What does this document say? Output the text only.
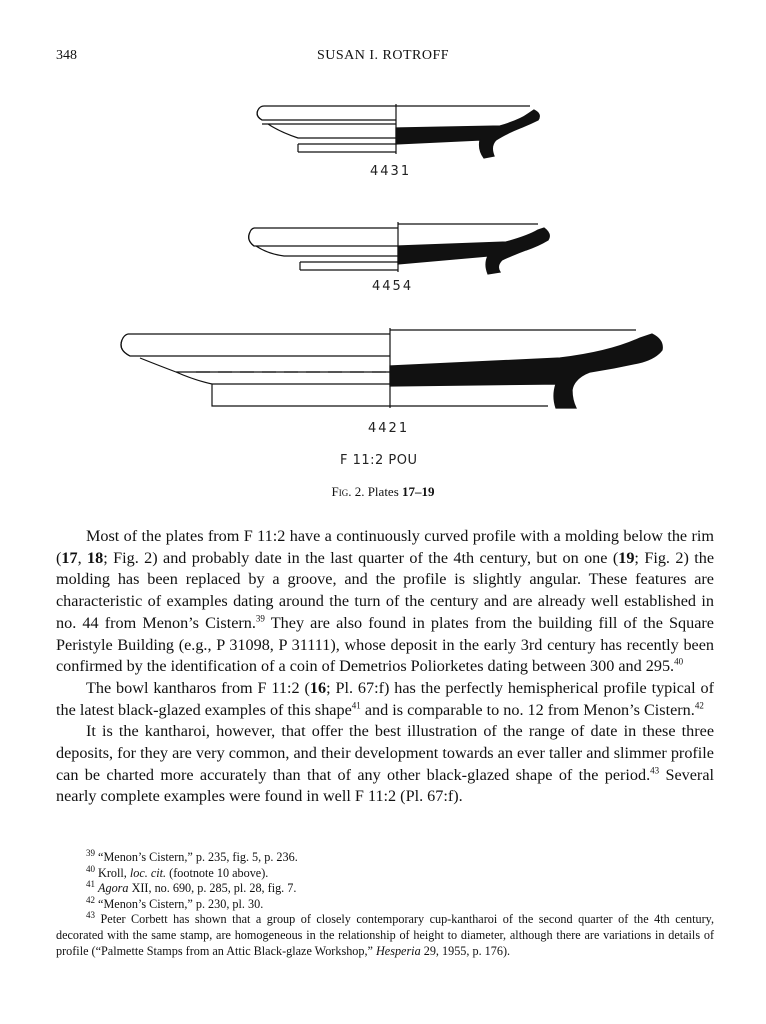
348	SUSAN I. ROTROFF
4431
4454
4421
F 11:2 POU
Fig. 2. Plates 17–19

Most of the plates from F 11:2 have a continuously curved profile with a molding below the rim (17, 18; Fig. 2) and probably date in the last quarter of the 4th century, but on one (19; Fig. 2) the molding has been replaced by a groove, and the profile is slightly angular. These features are characteristic of examples dating around the turn of the century and are already well established in no. 44 from Menon’s Cistern.$^{39}$ They are also found in plates from the building fill of the Square Peristyle Building (e.g., P 31098, P 31111), whose deposit in the early 3rd century has recently been confirmed by the identification of a coin of Demetrios Poliorketes dating between 300 and 295.40

The bowl kantharos from F 11:2 (16; Pl. 67:f) has the perfectly hemispherical profile typical of the latest black-glazed examples of this shape$^{41}$ and is comparable to no. 12 from Menon’s Cistern.$^{42}$

It is the kantharoi, however, that offer the best illustration of the range of date in these three deposits, for they are very common, and their development towards an ever taller and slimmer profile can be charted more accurately than that of any other black-glazed shape of the period.$^{43}$ Several nearly complete examples were found in well F 11:2 (Pl. 67:f).

$^{39}$ “Menon’s Cistern,” p. 235, fig. 5, p. 236.

$^{40}$ Kroll, loc. cit. (footnote 10 above).

$^{41}$ Agora XII, no. 690, p. 285, pl. 28, fig. 7.

$^{42}$ “Menon’s Cistern,” p. 230, pl. 30.

$^{43}$ Peter Corbett has shown that a group of closely contemporary cup-kantharoi of the second quarter of the 4th century, decorated with the same stamp, are homogeneous in the relationship of height to diameter, although there are variations in details of profile (“Palmette Stamps from an Attic Black-glaze Workshop,” Hesperia 29, 1955, p. 176).
